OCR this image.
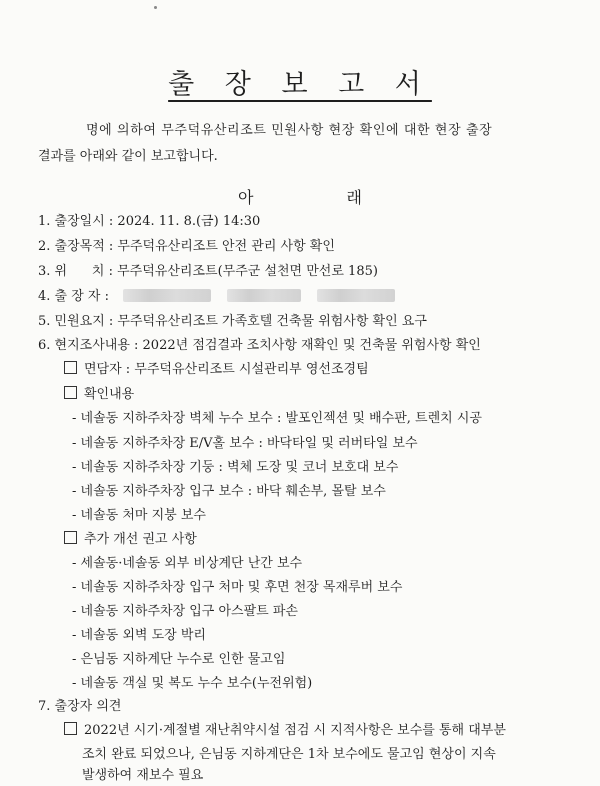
출 장 보 고 서
명에 의하여 무주덕유산리조트 민원사항 현장 확인에 대한 현장 출장
결과를 아래와 같이 보고합니다.
아 래
1. 출장일시 : 2024. 11. 8.(금) 14:30
2. 출장목적 : 무주덕유산리조트 안전 관리 사항 확인
3. 위      치 : 무주덕유산리조트(무주군 설천면 만선로 185)
4. 출 장 자 :
5. 민원요지 : 무주덕유산리조트 가족호텔 건축물 위험사항 확인 요구
6. 현지조사내용 : 2022년 점검결과 조치사항 재확인 및 건축물 위험사항 확인
면담자 : 무주덕유산리조트 시설관리부 영선조경팀
확인내용
- 네솔동 지하주차장 벽체 누수 보수 : 발포인젝션 및 배수판, 트렌치 시공
- 네솔동 지하주차장 E/V홀 보수 : 바닥타일 및 러버타일 보수
- 네솔동 지하주차장 기둥 : 벽체 도장 및 코너 보호대 보수
- 네솔동 지하주차장 입구 보수 : 바닥 훼손부, 몰탈 보수
- 네솔동 처마 지붕 보수
추가 개선 권고 사항
- 세솔동·네솔동 외부 비상계단 난간 보수
- 네솔동 지하주차장 입구 처마 및 후면 천장 목재루버 보수
- 네솔동 지하주차장 입구 아스팔트 파손
- 네솔동 외벽 도장 박리
- 은님동 지하계단 누수로 인한 물고임
- 네솔동 객실 및 복도 누수 보수(누전위험)
7. 출장자 의견
2022년 시기·계절별 재난취약시설 점검 시 지적사항은 보수를 통해 대부분
조치 완료 되었으나, 은님동 지하계단은 1차 보수에도 물고임 현상이 지속
발생하여 재보수 필요
